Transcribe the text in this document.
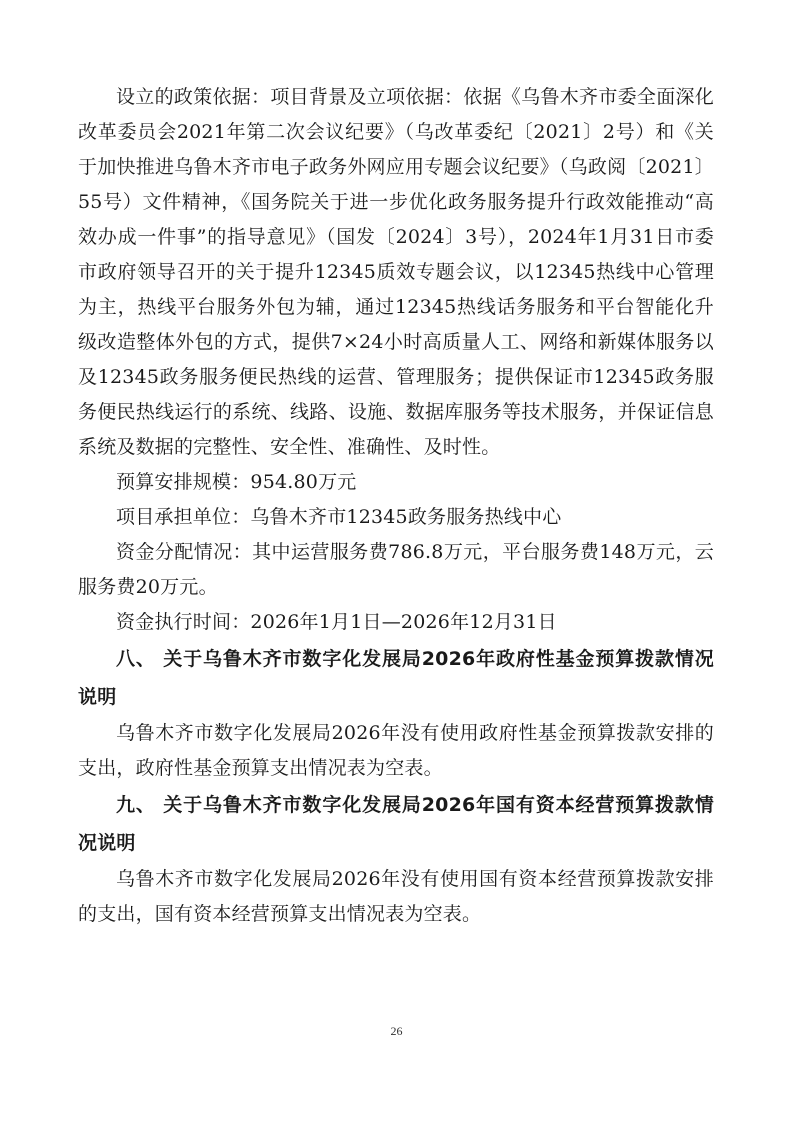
设立的政策依据：项目背景及立项依据：依据《乌鲁木齐市委全面深化改革委员会2021年第二次会议纪要》（乌改革委纪〔2021〕2号）和《关于加快推进乌鲁木齐市电子政务外网应用专题会议纪要》（乌政阅〔2021〕55号）文件精神，《国务院关于进一步优化政务服务提升行政效能推动“高效办成一件事”的指导意见》（国发〔2024〕3号），2024年1月31日市委市政府领导召开的关于提升12345质效专题会议，以12345热线中心管理为主，热线平台服务外包为辅，通过12345热线话务服务和平台智能化升级改造整体外包的方式，提供7×24小时高质量人工、网络和新媒体服务以及12345政务服务便民热线的运营、管理服务；提供保证市12345政务服务便民热线运行的系统、线路、设施、数据库服务等技术服务，并保证信息系统及数据的完整性、安全性、准确性、及时性。

预算安排规模：954.80万元

项目承担单位：乌鲁木齐市12345政务服务热线中心

资金分配情况：其中运营服务费786.8万元，平台服务费148万元，云服务费20万元。

资金执行时间：2026年1月1日—2026年12月31日

八、 关于乌鲁木齐市数字化发展局2026年政府性基金预算拨款情况说明

乌鲁木齐市数字化发展局2026年没有使用政府性基金预算拨款安排的支出，政府性基金预算支出情况表为空表。

九、 关于乌鲁木齐市数字化发展局2026年国有资本经营预算拨款情况说明

乌鲁木齐市数字化发展局2026年没有使用国有资本经营预算拨款安排的支出，国有资本经营预算支出情况表为空表。

26
